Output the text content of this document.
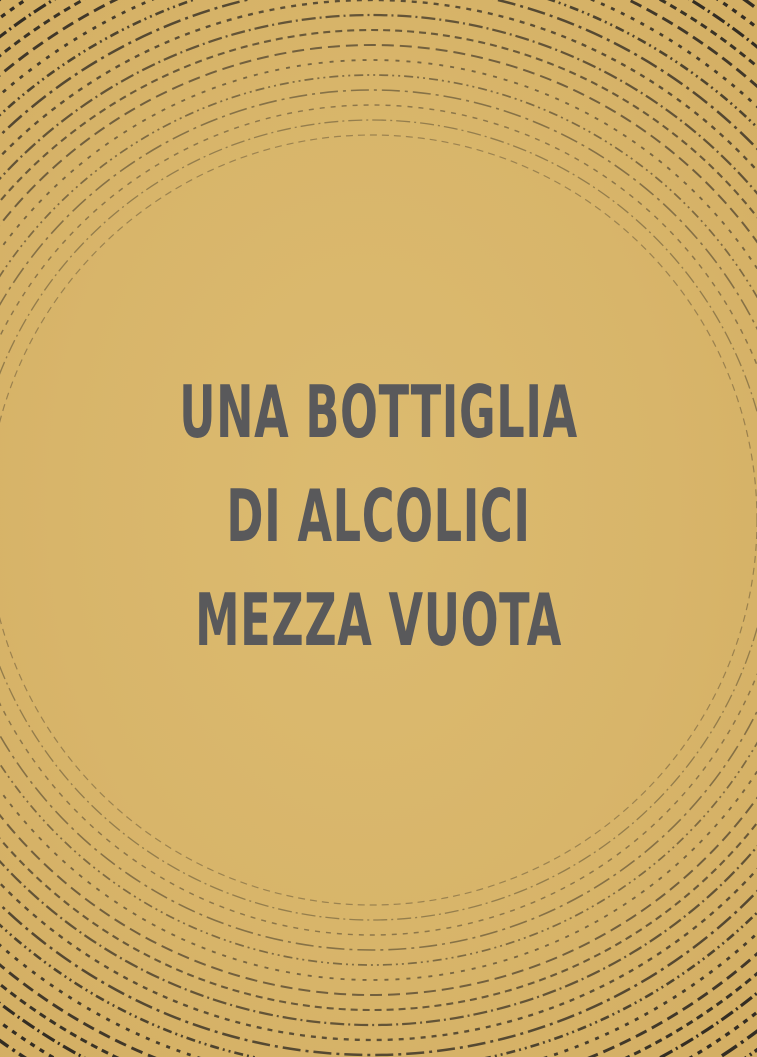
UNA BOTTIGLIA
DI ALCOLICI
MEZZA VUOTA
